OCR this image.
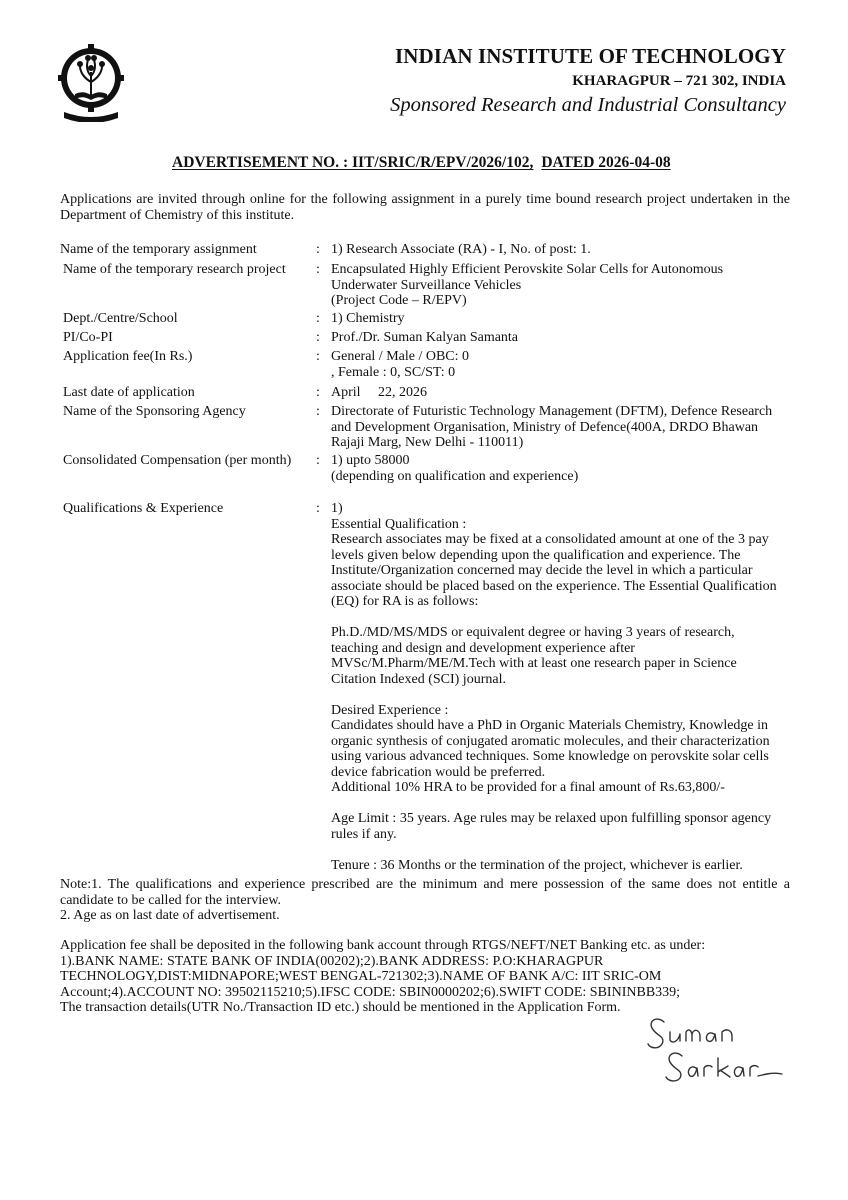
INDIAN INSTITUTE OF TECHNOLOGY
KHARAGPUR – 721 302, INDIA
Sponsored Research and Industrial Consultancy
ADVERTISEMENT NO. : IIT/SRIC/R/EPV/2026/102, DATED 2026-04-08
Applications are invited through online for the following assignment in a purely time bound research project undertaken in the Department of Chemistry of this institute.
Name of the temporary assignment	: 1) Research Associate (RA) - I, No. of post: 1.
Name of the temporary research project : Encapsulated Highly Efficient Perovskite Solar Cells for Autonomous
Underwater Surveillance Vehicles
(Project Code – R/EPV)
Dept./Centre/School	: 1) Chemistry
PI/Co-PI	: Prof./Dr. Suman Kalyan Samanta
Application fee(In Rs.)	: General / Male / OBC: 0
, Female : 0, SC/ST: 0
Last date of application	: April     22, 2026
Name of the Sponsoring Agency	: Directorate of Futuristic Technology Management (DFTM), Defence Research
and Development Organisation, Ministry of Defence(400A, DRDO Bhawan
Rajaji Marg, New Delhi - 110011)
Consolidated Compensation (per month) : 1) upto 58000
(depending on qualification and experience)
Qualifications & Experience	: 1)

Essential Qualification :

Research associates may be fixed at a consolidated amount at one of the 3 pay
levels given below depending upon the qualification and experience. The
Institute/Organization concerned may decide the level in which a particular
associate should be placed based on the experience. The Essential Qualification
(EQ) for RA is as follows:

Ph.D./MD/MS/MDS or equivalent degree or having 3 years of research,
teaching and design and development experience after
MVSc/M.Pharm/ME/M.Tech with at least one research paper in Science
Citation Indexed (SCI) journal.

Desired Experience :

Candidates should have a PhD in Organic Materials Chemistry, Knowledge in
organic synthesis of conjugated aromatic molecules, and their characterization
using various advanced techniques. Some knowledge on perovskite solar cells
device fabrication would be preferred.
Additional 10% HRA to be provided for a final amount of Rs.63,800/-

Age Limit : 35 years. Age rules may be relaxed upon fulfilling sponsor agency
rules if any.

Tenure : 36 Months or the termination of the project, whichever is earlier.

Note:1. The qualifications and experience prescribed are the minimum and mere possession of the same does not entitle a candidate to be called for the interview.

2. Age as on last date of advertisement.

Application fee shall be deposited in the following bank account through RTGS/NEFT/NET Banking etc. as under:
1).BANK NAME: STATE BANK OF INDIA(00202);2).BANK ADDRESS: P.O:KHARAGPUR
TECHNOLOGY,DIST:MIDNAPORE;WEST BENGAL-721302;3).NAME OF BANK A/C: IIT SRIC-OM
Account;4).ACCOUNT NO: 39502115210;5).IFSC CODE: SBIN0000202;6).SWIFT CODE: SBININBB339;
The transaction details(UTR No./Transaction ID etc.) should be mentioned in the Application Form.
